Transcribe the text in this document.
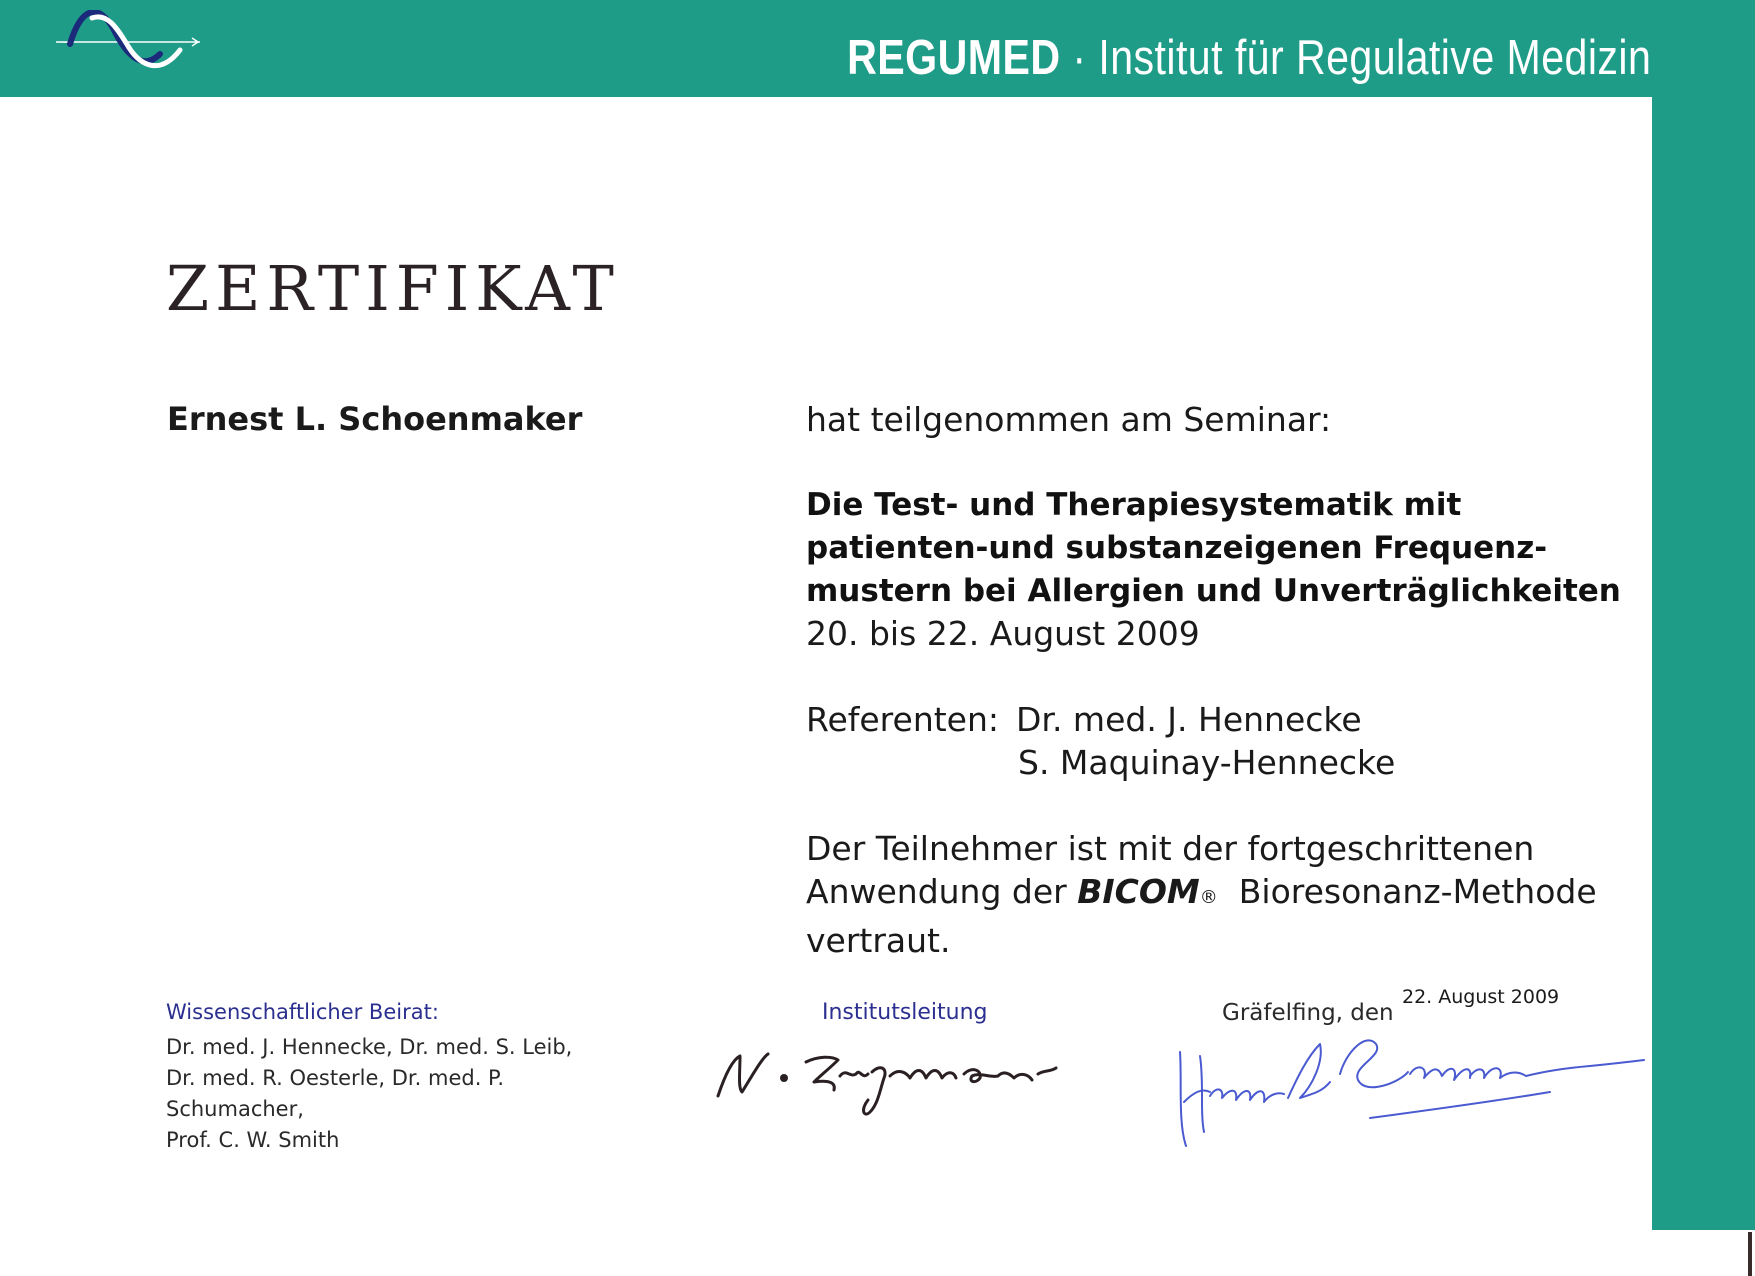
REGUMED · Institut für Regulative Medizin
ZERTIFIKAT
Ernest L. Schoenmaker	hat teilgenommen am Seminar:
Die Test- und Therapiesystematik mit
patienten-und substanzeigenen Frequenz-
mustern bei Allergien und Unverträglichkeiten
20. bis 22. August 2009
Referenten: Dr. med. J. Hennecke
S. Maquinay-Hennecke
Der Teilnehmer ist mit der fortgeschrittenen
Anwendung der BICOM® Bioresonanz-Methode
vertraut.
Wissenschaftlicher Beirat:
Dr. med. J. Hennecke, Dr. med. S. Leib,
Dr. med. R. Oesterle, Dr. med. P. Schumacher,
Prof. C. W. Smith
Institutsleitung	Gräfelfing, den
22. August 2009
